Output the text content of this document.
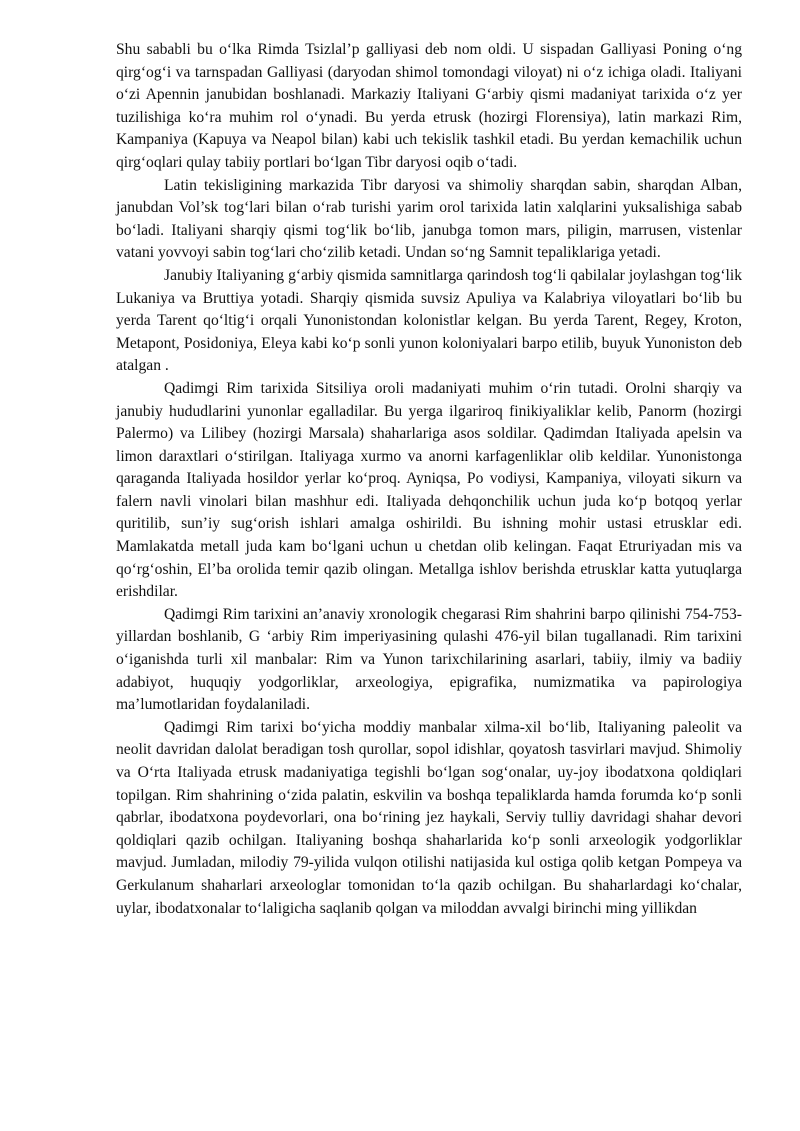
Shu sababli bu o‘lka Rimda Tsizlal’p galliyasi deb nom oldi. U sispadan Galliyasi Poning o‘ng qirg‘og‘i va tarnspadan Galliyasi (daryodan shimol tomondagi viloyat) ni o‘z ichiga oladi. Italiyani o‘zi Apennin janubidan boshlanadi. Markaziy Italiyani G‘arbiy qismi madaniyat tarixida o‘z yer tuzilishiga ko‘ra muhim rol o‘ynadi. Bu yerda etrusk (hozirgi Florensiya), latin markazi Rim, Kampaniya (Kapuya va Neapol bilan) kabi uch tekislik tashkil etadi. Bu yerdan kemachilik uchun qirg‘oqlari qulay tabiiy portlari bo‘lgan Tibr daryosi oqib o‘tadi.

Latin tekisligining markazida Tibr daryosi va shimoliy sharqdan sabin, sharqdan Alban, janubdan Vol’sk tog‘lari bilan o‘rab turishi yarim orol tarixida latin xalqlarini yuksalishiga sabab bo‘ladi. Italiyani sharqiy qismi tog‘lik bo‘lib, janubga tomon mars, piligin, marrusen, vistenlar vatani yovvoyi sabin tog‘lari cho‘zilib ketadi. Undan so‘ng Samnit tepaliklariga yetadi.

Janubiy Italiyaning g‘arbiy qismida samnitlarga qarindosh tog‘li qabilalar joylashgan tog‘lik Lukaniya va Bruttiya yotadi. Sharqiy qismida suvsiz Apuliya va Kalabriya viloyatlari bo‘lib bu yerda Tarent qo‘ltig‘i orqali Yunonistondan kolonistlar kelgan. Bu yerda Tarent, Regey, Kroton, Metapont, Posidoniya, Eleya kabi ko‘p sonli yunon koloniyalari barpo etilib, buyuk Yunoniston deb atalgan .

Qadimgi Rim tarixida Sitsiliya oroli madaniyati muhim o‘rin tutadi. Orolni sharqiy va janubiy hududlarini yunonlar egalladilar. Bu yerga ilgariroq finikiyaliklar kelib, Panorm (hozirgi Palermo) va Lilibey (hozirgi Marsala) shaharlariga asos soldilar. Qadimdan Italiyada apelsin va limon daraxtlari o‘stirilgan. Italiyaga xurmo va anorni karfagenliklar olib keldilar. Yunonistonga qaraganda Italiyada hosildor yerlar ko‘proq. Ayniqsa, Po vodiysi, Kampaniya, viloyati sikurn va falern navli vinolari bilan mashhur edi. Italiyada dehqonchilik uchun juda ko‘p botqoq yerlar quritilib, sun’iy sug‘orish ishlari amalga oshirildi. Bu ishning mohir ustasi etrusklar edi. Mamlakatda metall juda kam bo‘lgani uchun u chetdan olib kelingan. Faqat Etruriyadan mis va qo‘rg‘oshin, El’ba orolida temir qazib olingan. Metallga ishlov berishda etrusklar katta yutuqlarga erishdilar.

Qadimgi Rim tarixini an’anaviy xronologik chegarasi Rim shahrini barpo qilinishi 754-753-yillardan boshlanib, G ‘arbiy Rim imperiyasining qulashi 476-yil bilan tugallanadi. Rim tarixini o‘iganishda turli xil manbalar: Rim va Yunon tarixchilarining asarlari, tabiiy, ilmiy va badiiy adabiyot, huquqiy yodgorliklar, arxeologiya, epigrafika, numizmatika va papirologiya ma’lumotlaridan foydalaniladi.

Qadimgi Rim tarixi bo‘yicha moddiy manbalar xilma-xil bo‘lib, Italiyaning paleolit va neolit davridan dalolat beradigan tosh qurollar, sopol idishlar, qoyatosh tasvirlari mavjud. Shimoliy va O‘rta Italiyada etrusk madaniyatiga tegishli bo‘lgan sog‘onalar, uy-joy ibodatxona qoldiqlari topilgan. Rim shahrining o‘zida palatin, eskvilin va boshqa tepaliklarda hamda forumda ko‘p sonli qabrlar, ibodatxona poydevorlari, ona bo‘rining jez haykali, Serviy tulliy davridagi shahar devori qoldiqlari qazib ochilgan. Italiyaning boshqa shaharlarida ko‘p sonli arxeologik yodgorliklar mavjud. Jumladan, milodiy 79-yilida vulqon otilishi natijasida kul ostiga qolib ketgan Pompeya va Gerkulanum shaharlari arxeologlar tomonidan to‘la qazib ochilgan. Bu shaharlardagi ko‘chalar, uylar, ibodatxonalar to‘laligicha saqlanib qolgan va miloddan avvalgi birinchi ming yillikdan
